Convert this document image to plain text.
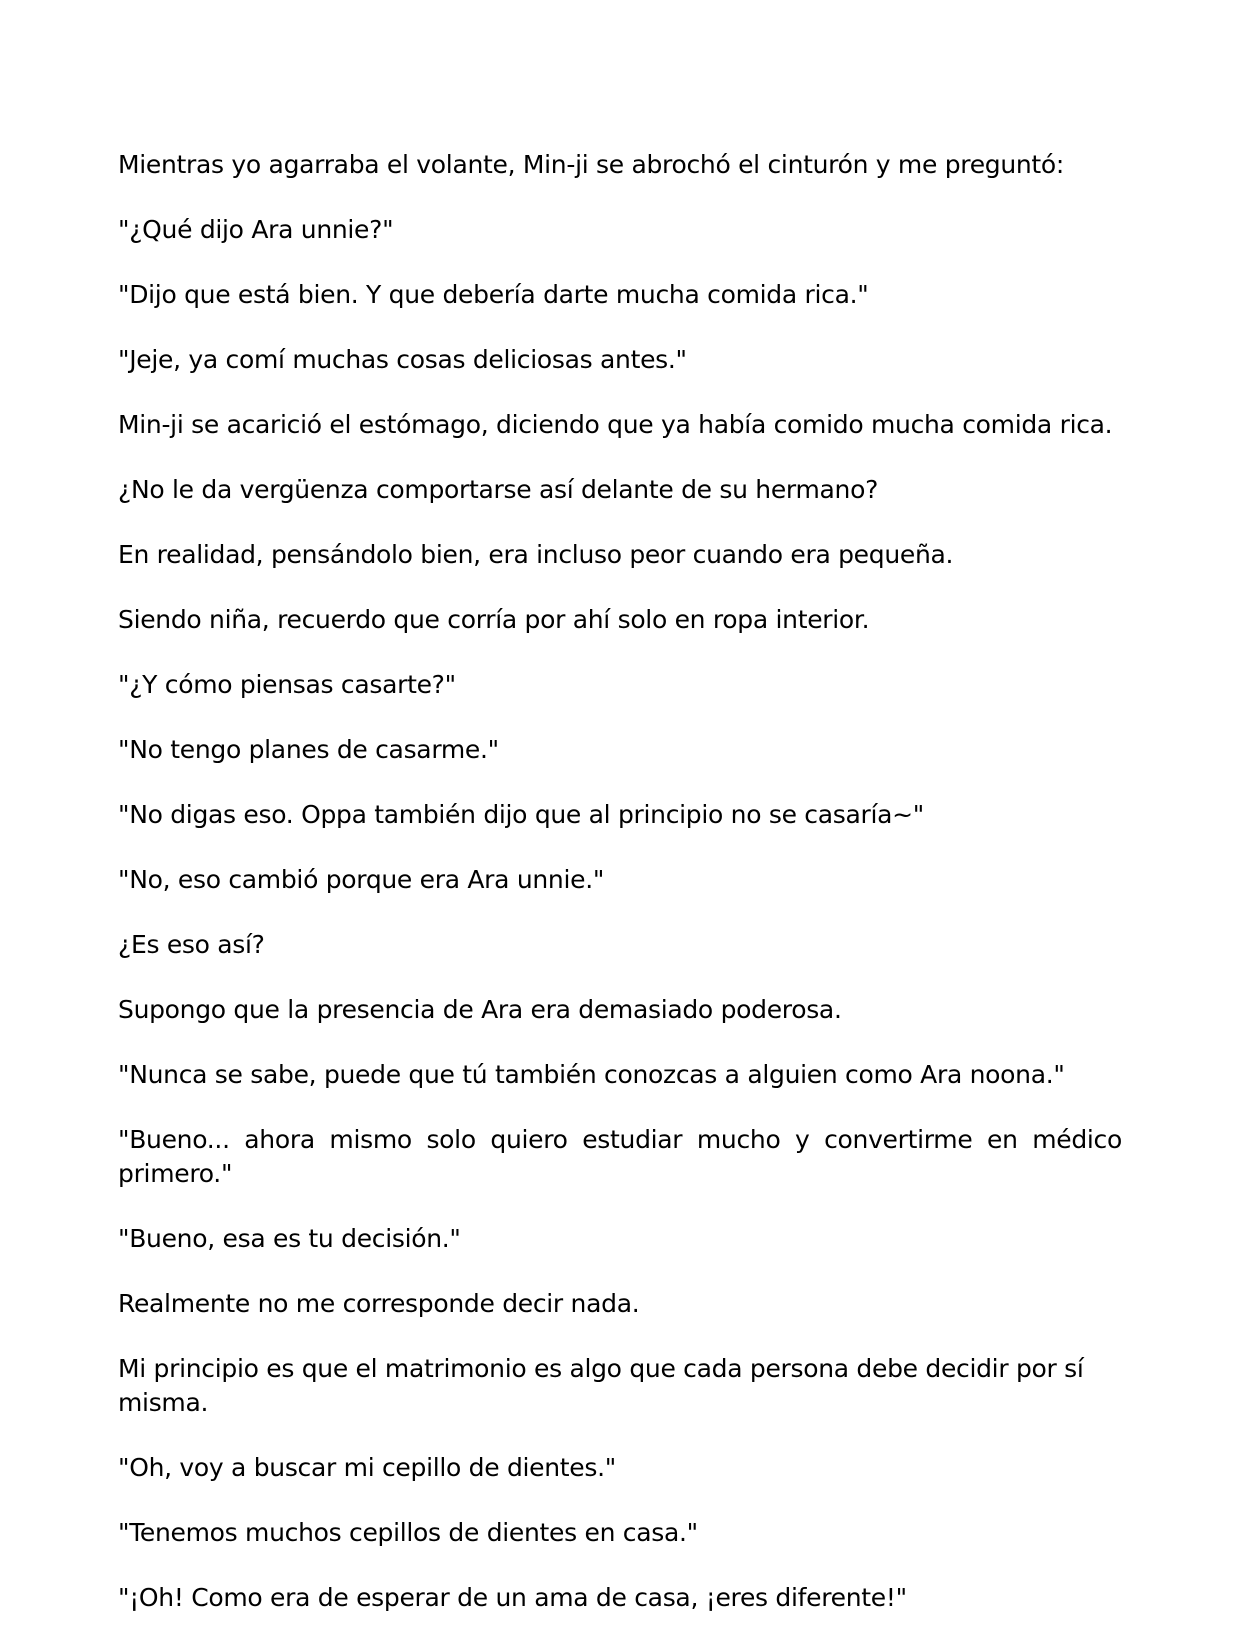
Mientras yo agarraba el volante, Min-ji se abrochó el cinturón y me preguntó:

"¿Qué dijo Ara unnie?"

"Dijo que está bien. Y que debería darte mucha comida rica."

"Jeje, ya comí muchas cosas deliciosas antes."

Min-ji se acarició el estómago, diciendo que ya había comido mucha comida rica.

¿No le da vergüenza comportarse así delante de su hermano?

En realidad, pensándolo bien, era incluso peor cuando era pequeña.

Siendo niña, recuerdo que corría por ahí solo en ropa interior.

"¿Y cómo piensas casarte?"

"No tengo planes de casarme."

"No digas eso. Oppa también dijo que al principio no se casaría~"

"No, eso cambió porque era Ara unnie."

¿Es eso así?

Supongo que la presencia de Ara era demasiado poderosa.

"Nunca se sabe, puede que tú también conozcas a alguien como Ara noona."

"Bueno... ahora mismo solo quiero estudiar mucho y convertirme en médico primero."

"Bueno, esa es tu decisión."

Realmente no me corresponde decir nada.

Mi principio es que el matrimonio es algo que cada persona debe decidir por sí misma.

"Oh, voy a buscar mi cepillo de dientes."

"Tenemos muchos cepillos de dientes en casa."

"¡Oh! Como era de esperar de un ama de casa, ¡eres diferente!"
